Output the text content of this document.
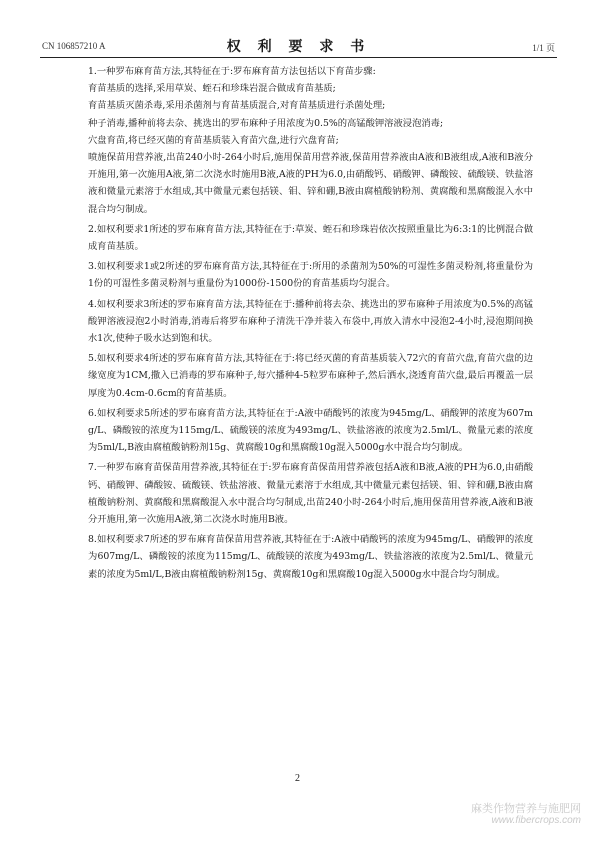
CN 106857210 A	权 利 要 求 书	1/1 页

1.一种罗布麻育苗方法,其特征在于:罗布麻育苗方法包括以下育苗步骤:

育苗基质的选择,采用草炭、蛭石和珍珠岩混合做成育苗基质;

育苗基质灭菌杀毒,采用杀菌剂与育苗基质混合,对育苗基质进行杀菌处理;

种子消毒,播种前将去杂、挑选出的罗布麻种子用浓度为0.5%的高锰酸钾溶液浸泡消毒;

穴盘育苗,将已经灭菌的育苗基质装入育苗穴盘,进行穴盘育苗;

喷施保苗用营养液,出苗240小时-264小时后,施用保苗用营养液,保苗用营养液由A液和B液组成,A液和B液分开施用,第一次施用A液,第二次浇水时施用B液,A液的PH为6.0,由硝酸钙、硝酸钾、磷酸铵、硫酸镁、铁盐溶液和微量元素溶于水组成,其中微量元素包括镁、钼、锌和硼,B液由腐植酸钠粉剂、黄腐酸和黑腐酸混入水中混合均匀制成。

2.如权利要求1所述的罗布麻育苗方法,其特征在于:草炭、蛭石和珍珠岩依次按照重量比为6:3:1的比例混合做成育苗基质。

3.如权利要求1或2所述的罗布麻育苗方法,其特征在于:所用的杀菌剂为50%的可湿性多菌灵粉剂,将重量份为1份的可湿性多菌灵粉剂与重量份为1000份-1500份的育苗基质均匀混合。

4.如权利要求3所述的罗布麻育苗方法,其特征在于:播种前将去杂、挑选出的罗布麻种子用浓度为0.5%的高锰酸钾溶液浸泡2小时消毒,消毒后将罗布麻种子清洗干净并装入布袋中,再放入清水中浸泡2-4小时,浸泡期间换水1次,使种子吸水达到饱和状。

5.如权利要求4所述的罗布麻育苗方法,其特征在于:将已经灭菌的育苗基质装入72穴的育苗穴盘,育苗穴盘的边缘宽度为1CM,撒入已消毒的罗布麻种子,每穴播种4-5粒罗布麻种子,然后洒水,浇透育苗穴盘,最后再覆盖一层厚度为0.4cm-0.6cm的育苗基质。

6.如权利要求5所述的罗布麻育苗方法,其特征在于:A液中硝酸钙的浓度为945mg/L、硝酸钾的浓度为607mg/L、磷酸铵的浓度为115mg/L、硫酸镁的浓度为493mg/L、铁盐溶液的浓度为2.5ml/L、微量元素的浓度为5ml/L,B液由腐植酸钠粉剂15g、黄腐酸10g和黑腐酸10g混入5000g水中混合均匀制成。

7.一种罗布麻育苗保苗用营养液,其特征在于:罗布麻育苗保苗用营养液包括A液和B液,A液的PH为6.0,由硝酸钙、硝酸钾、磷酸铵、硫酸镁、铁盐溶液、微量元素溶于水组成,其中微量元素包括镁、钼、锌和硼,B液由腐植酸钠粉剂、黄腐酸和黑腐酸混入水中混合均匀制成,出苗240小时-264小时后,施用保苗用营养液,A液和B液分开施用,第一次施用A液,第二次浇水时施用B液。

8.如权利要求7所述的罗布麻育苗保苗用营养液,其特征在于:A液中硝酸钙的浓度为945mg/L、硝酸钾的浓度为607mg/L、磷酸铵的浓度为115mg/L、硫酸镁的浓度为493mg/L、铁盐溶液的浓度为2.5ml/L、微量元素的浓度为5ml/L,B液由腐植酸钠粉剂15g、黄腐酸10g和黑腐酸10g混入5000g水中混合均匀制成。

2
麻类作物营养与施肥网
www.fibercrops.com
